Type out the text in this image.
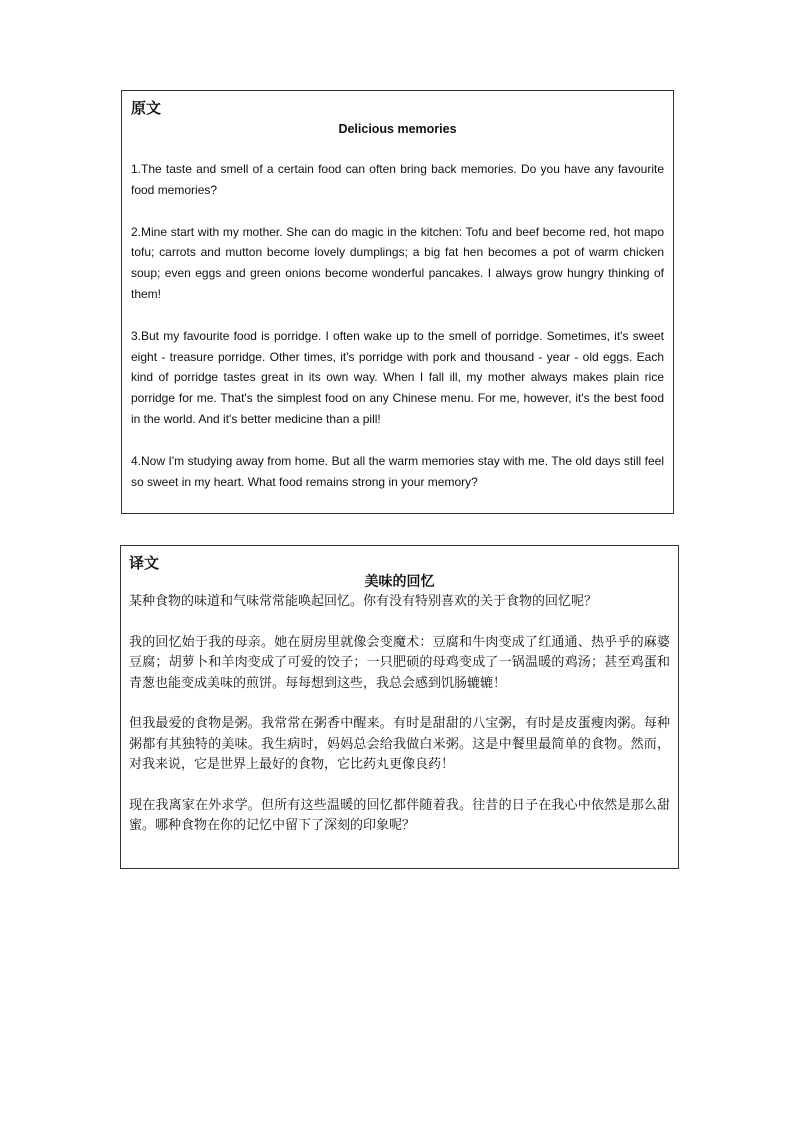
原文
Delicious memories

1.The taste and smell of a certain food can often bring back memories. Do you have any favourite food memories?

2.Mine start with my mother. She can do magic in the kitchen: Tofu and beef become red, hot mapo tofu; carrots and mutton become lovely dumplings; a big fat hen becomes a pot of warm chicken soup; even eggs and green onions become wonderful pancakes. I always grow hungry thinking of them!

3.But my favourite food is porridge. I often wake up to the smell of porridge. Sometimes, it's sweet eight - treasure porridge. Other times, it's porridge with pork and thousand - year - old eggs. Each kind of porridge tastes great in its own way. When I fall ill, my mother always makes plain rice porridge for me. That's the simplest food on any Chinese menu. For me, however, it's the best food in the world. And it's better medicine than a pill!

4.Now I'm studying away from home. But all the warm memories stay with me. The old days still feel so sweet in my heart. What food remains strong in your memory?

译文
美味的回忆

某种食物的味道和气味常常能唤起回忆。你有没有特别喜欢的关于食物的回忆呢？

我的回忆始于我的母亲。她在厨房里就像会变魔术：豆腐和牛肉变成了红通通、热乎乎的麻婆豆腐；胡萝卜和羊肉变成了可爱的饺子；一只肥硕的母鸡变成了一锅温暖的鸡汤；甚至鸡蛋和青葱也能变成美味的煎饼。每每想到这些，我总会感到饥肠辘辘！

但我最爱的食物是粥。我常常在粥香中醒来。有时是甜甜的八宝粥，有时是皮蛋瘦肉粥。每种粥都有其独特的美味。我生病时，妈妈总会给我做白米粥。这是中餐里最简单的食物。然而，对我来说，它是世界上最好的食物，它比药丸更像良药！

现在我离家在外求学。但所有这些温暖的回忆都伴随着我。往昔的日子在我心中依然是那么甜蜜。哪种食物在你的记忆中留下了深刻的印象呢？
